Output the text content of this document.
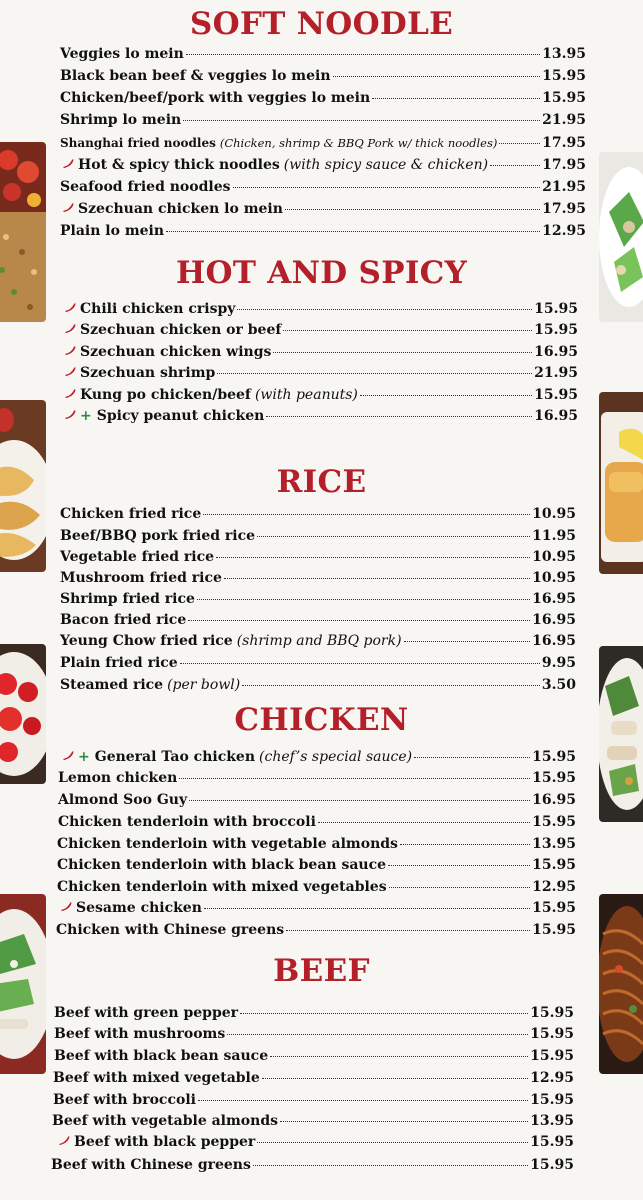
SOFT NOODLE
HOT AND SPICY
RICE
CHICKEN
BEEF
Veggies lo mein	13.95
Black bean beef & veggies lo mein	15.95
Chicken/beef/pork with veggies lo mein	15.95
Shrimp lo mein	21.95
Shanghai fried noodles (Chicken, shrimp & BBQ Pork w/ thick noodles)	17.95
Hot & spicy thick noodles (with spicy sauce & chicken)	17.95
Seafood fried noodles	21.95
Szechuan chicken lo mein	17.95
Plain lo mein	12.95
Chili chicken crispy	15.95
Szechuan chicken or beef	15.95
Szechuan chicken wings	16.95
Szechuan shrimp	21.95
Kung po chicken/beef (with peanuts)	15.95
+ Spicy peanut chicken	16.95
Chicken fried rice	10.95
Beef/BBQ pork fried rice	11.95
Vegetable fried rice	10.95
Mushroom fried rice	10.95
Shrimp fried rice	16.95
Bacon fried rice	16.95
Yeung Chow fried rice (shrimp and BBQ pork)	16.95
Plain fried rice	9.95
Steamed rice (per bowl)	3.50
+ General Tao chicken (chef’s special sauce)	15.95
Lemon chicken	15.95
Almond Soo Guy	16.95
Chicken tenderloin with broccoli	15.95
Chicken tenderloin with vegetable almonds	13.95
Chicken tenderloin with black bean sauce	15.95
Chicken tenderloin with mixed vegetables	12.95
Sesame chicken	15.95
Chicken with Chinese greens	15.95
Beef with green pepper	15.95
Beef with mushrooms	15.95
Beef with black bean sauce	15.95
Beef with mixed vegetable	12.95
Beef with broccoli	15.95
Beef with vegetable almonds	13.95
Beef with black pepper	15.95
Beef with Chinese greens	15.95
